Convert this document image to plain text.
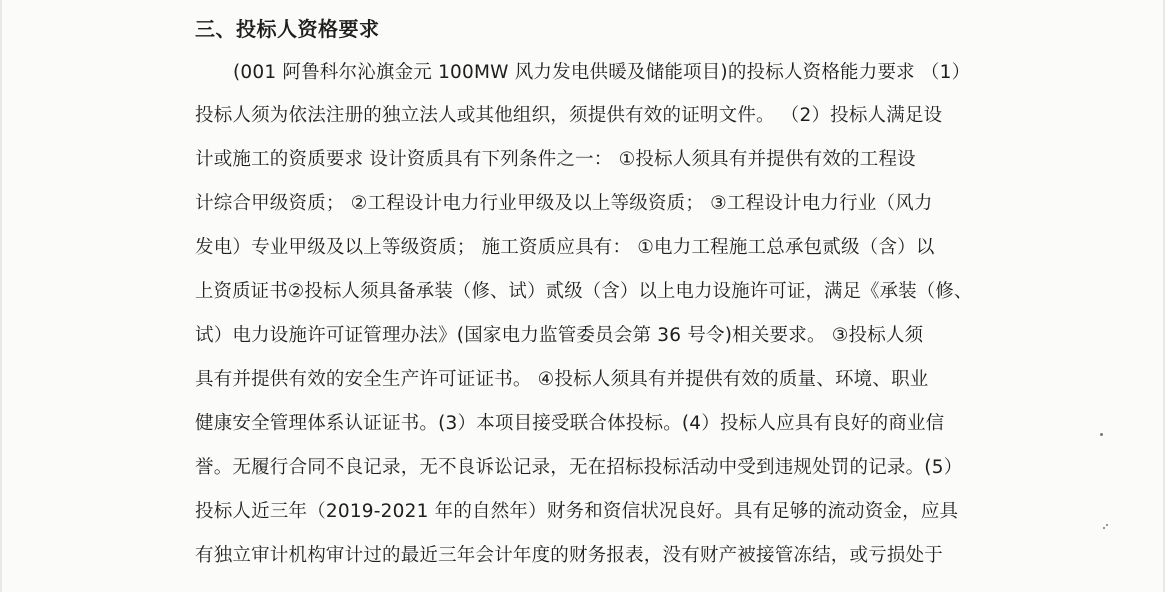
三、投标人资格要求
(001 阿鲁科尔沁旗金元 100MW 风力发电供暖及储能项目)的投标人资格能力要求 （1）
投标人须为依法注册的独立法人或其他组织，须提供有效的证明文件。 （2）投标人满足设
计或施工的资质要求 设计资质具有下列条件之一： ①投标人须具有并提供有效的工程设
计综合甲级资质； ②工程设计电力行业甲级及以上等级资质； ③工程设计电力行业（风力
发电）专业甲级及以上等级资质； 施工资质应具有： ①电力工程施工总承包贰级（含）以
上资质证书②投标人须具备承装（修、试）贰级（含）以上电力设施许可证，满足《承装（修、
试）电力设施许可证管理办法》(国家电力监管委员会第 36 号令)相关要求。 ③投标人须
具有并提供有效的安全生产许可证证书。 ④投标人须具有并提供有效的质量、环境、职业
健康安全管理体系认证证书。(3）本项目接受联合体投标。(4）投标人应具有良好的商业信
誉。无履行合同不良记录，无不良诉讼记录，无在招标投标活动中受到违规处罚的记录。(5）
投标人近三年（2019-2021 年的自然年）财务和资信状况良好。具有足够的流动资金，应具
有独立审计机构审计过的最近三年会计年度的财务报表，没有财产被接管冻结，或亏损处于
